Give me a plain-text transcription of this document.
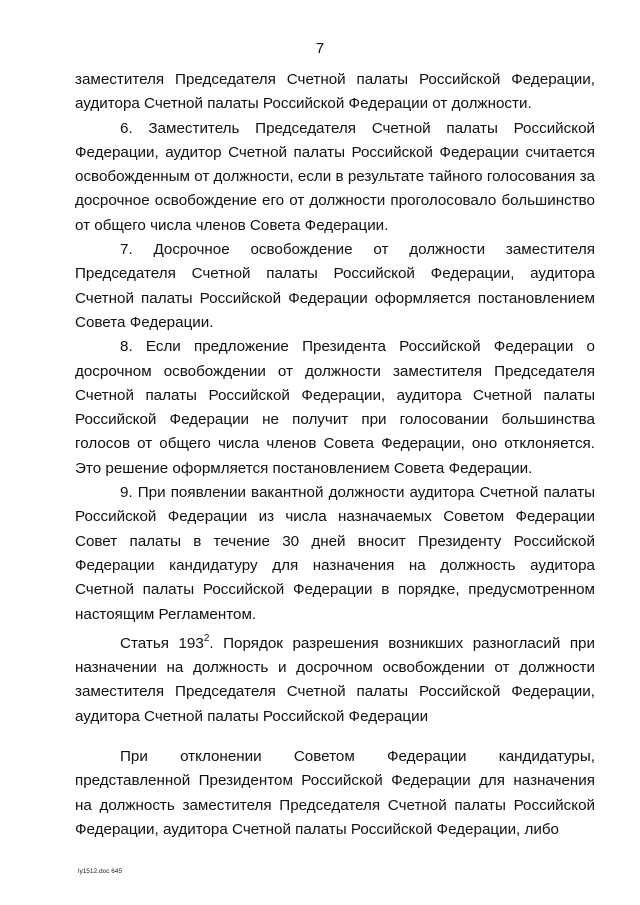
7

заместителя Председателя Счетной палаты Российской Федерации, аудитора Счетной палаты Российской Федерации от должности.

6. Заместитель Председателя Счетной палаты Российской Федерации, аудитор Счетной палаты Российской Федерации считается освобожденным от должности, если в результате тайного голосования за досрочное освобождение его от должности проголосовало большинство от общего числа членов Совета Федерации.

7. Досрочное освобождение от должности заместителя Председателя Счетной палаты Российской Федерации, аудитора Счетной палаты Российской Федерации оформляется постановлением Совета Федерации.

8. Если предложение Президента Российской Федерации о досрочном освобождении от должности заместителя Председателя Счетной палаты Российской Федерации, аудитора Счетной палаты Российской Федерации не получит при голосовании большинства голосов от общего числа членов Совета Федерации, оно отклоняется. Это решение оформляется постановлением Совета Федерации.

9. При появлении вакантной должности аудитора Счетной палаты Российской Федерации из числа назначаемых Советом Федерации Совет палаты в течение 30 дней вносит Президенту Российской Федерации кандидатуру для назначения на должность аудитора Счетной палаты Российской Федерации в порядке, предусмотренном настоящим Регламентом.

Статья $193^2$. Порядок разрешения возникших разногласий при назначении на должность и досрочном освобождении от должности заместителя Председателя Счетной палаты Российской Федерации, аудитора Счетной палаты Российской Федерации

При отклонении Советом Федерации кандидатуры, представленной Президентом Российской Федерации для назначения на должность заместителя Председателя Счетной палаты Российской Федерации, аудитора Счетной палаты Российской Федерации, либо

ly1512.doc 645
